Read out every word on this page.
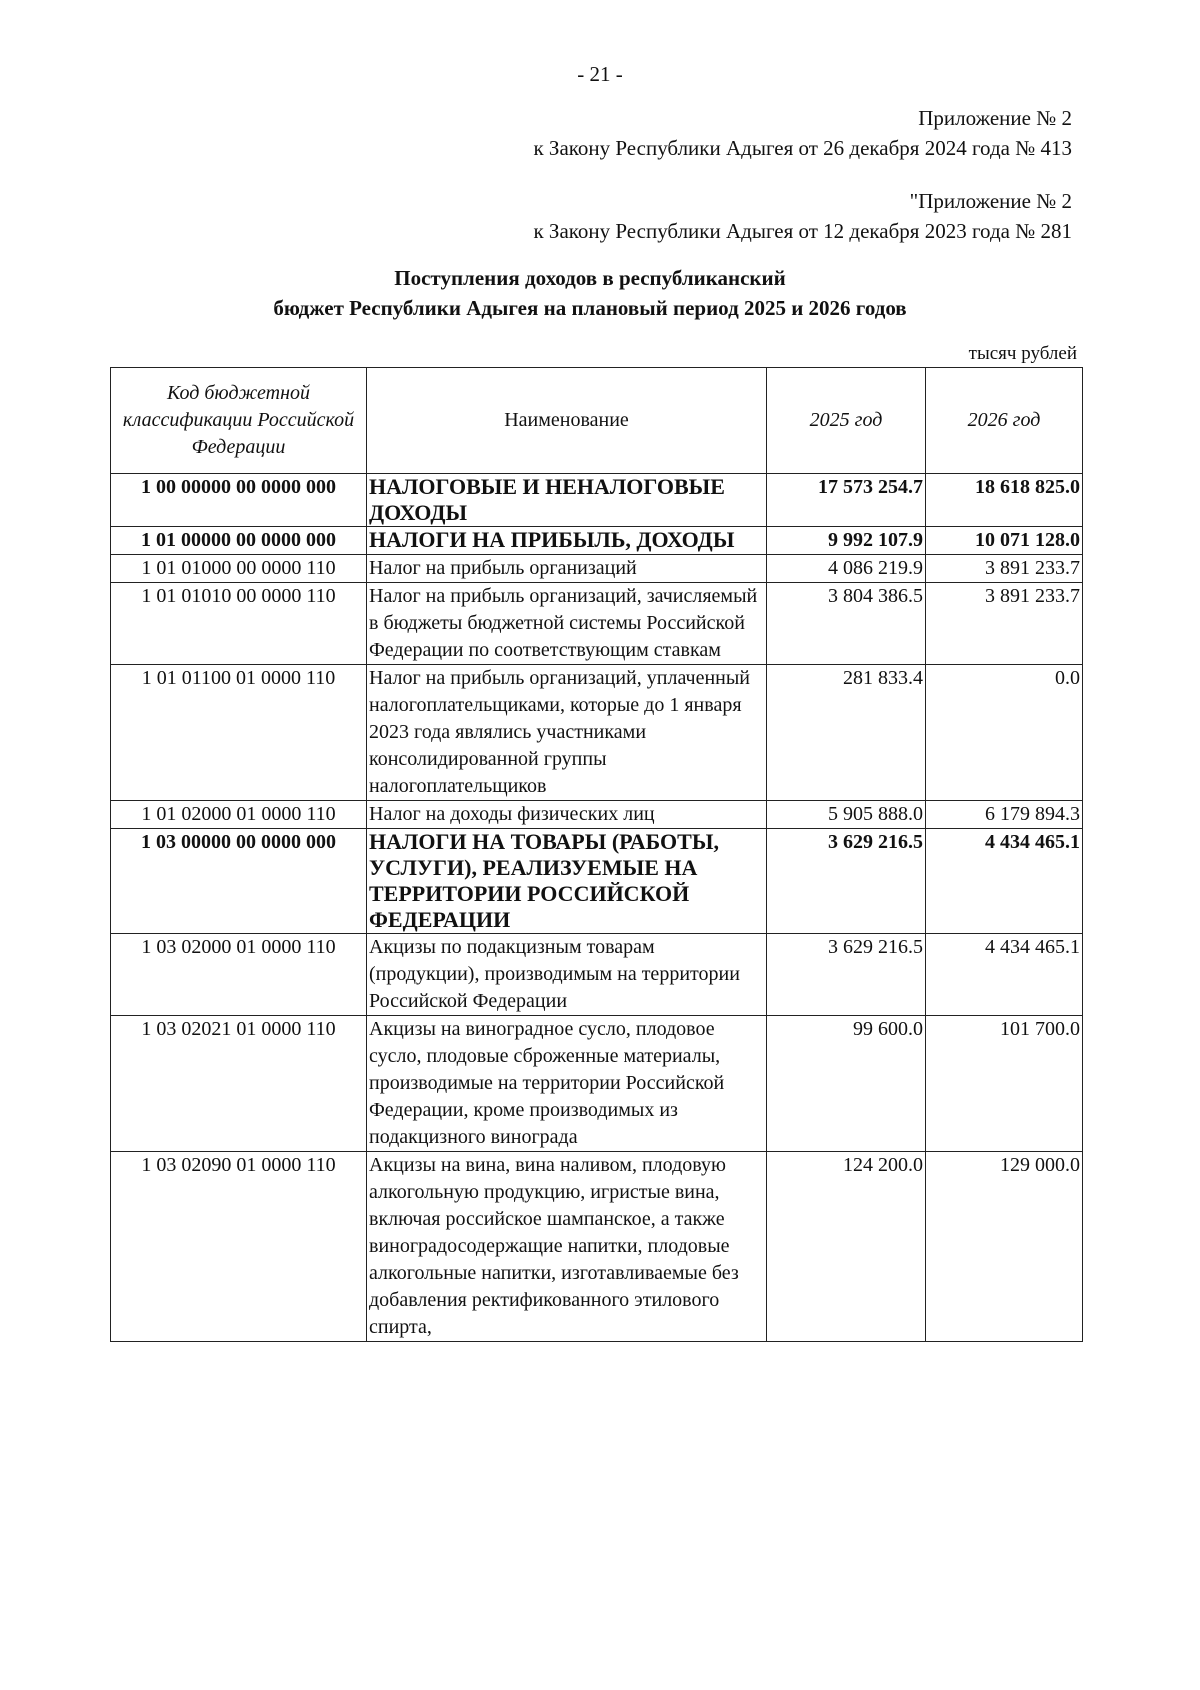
- 21 -
Приложение № 2
к Закону Республики Адыгея от 26 декабря 2024 года № 413
"Приложение № 2
к Закону Республики Адыгея от 12 декабря 2023 года № 281
Поступления доходов в республиканский
бюджет Республики Адыгея на плановый период 2025 и 2026 годов
тысяч рублей
Код бюджетной классификации Российской Федерации	Наименование	2025 год	2026 год
1 00 00000 00 0000 000	НАЛОГОВЫЕ И НЕНАЛОГОВЫЕ ДОХОДЫ	17 573 254.7	18 618 825.0
1 01 00000 00 0000 000	НАЛОГИ НА ПРИБЫЛЬ, ДОХОДЫ	9 992 107.9	10 071 128.0
1 01 01000 00 0000 110	Налог на прибыль организаций	4 086 219.9	3 891 233.7
1 01 01010 00 0000 110	Налог на прибыль организаций, зачисляемый в бюджеты бюджетной системы Российской Федерации по соответствующим ставкам	3 804 386.5	3 891 233.7
1 01 01100 01 0000 110	Налог на прибыль организаций, уплаченный налогоплательщиками, которые до 1 января 2023 года являлись участниками консолидированной группы налогоплательщиков	281 833.4	0.0
1 01 02000 01 0000 110	Налог на доходы физических лиц	5 905 888.0	6 179 894.3
1 03 00000 00 0000 000	НАЛОГИ НА ТОВАРЫ (РАБОТЫ, УСЛУГИ), РЕАЛИЗУЕМЫЕ НА ТЕРРИТОРИИ РОССИЙСКОЙ ФЕДЕРАЦИИ	3 629 216.5	4 434 465.1
1 03 02000 01 0000 110	Акцизы по подакцизным товарам (продукции), производимым на территории Российской Федерации	3 629 216.5	4 434 465.1
1 03 02021 01 0000 110	Акцизы на виноградное сусло, плодовое сусло, плодовые сброженные материалы, производимые на территории Российской Федерации, кроме производимых из подакцизного винограда	99 600.0	101 700.0
1 03 02090 01 0000 110	Акцизы на вина, вина наливом, плодовую алкогольную продукцию, игристые вина, включая российское шампанское, а также виноградосодержащие напитки, плодовые алкогольные напитки, изготавливаемые без добавления ректификованного этилового спирта,	124 200.0	129 000.0
